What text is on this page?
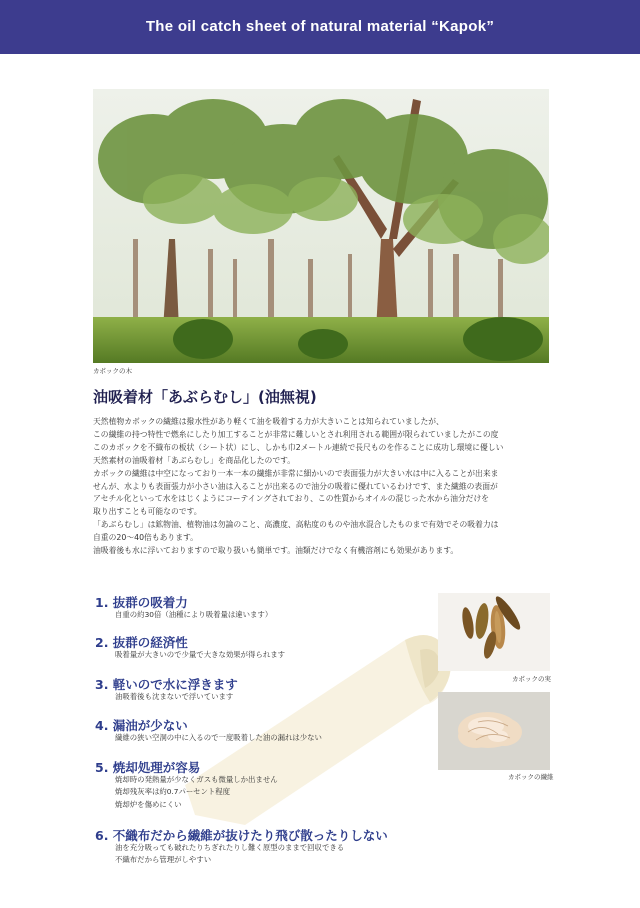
The oil catch sheet of natural material “Kapok”
カボックの木
油吸着材「あぶらむし」(油無視)

天然植物カボックの繊維は撥水性があり軽くて油を吸着する力が大きいことは知られていましたが、

この繊維の持つ特性で燃糸にしたり加工することが非常に難しいとされ利用される範囲が限られていましたがこの度

このカボックを不織布の板状（シート状）にし、しかも巾2メートル連続で長尺ものを作ることに成功し環境に優しい

天然素材の油吸着材「あぶらむし」を商品化したのです。

カボックの繊維は中空になっており一本一本の繊維が非常に細かいので表面張力が大きい水は中に入ることが出来ま

せんが、水よりも表面張力が小さい油は入ることが出来るので油分の吸着に優れているわけです、また繊維の表面が

アセチル化といって水をはじくようにコーテイングされており、この性質からオイルの混じった水から油分だけを

取り出すことも可能なのです。

「あぶらむし」は鉱物油、植物油は勿論のこと、高濃度、高粘度のものや油水混合したものまで有効でその吸着力は

自重の20～40倍もあります。

油吸着後も水に浮いておりますので取り扱いも簡単です。油類だけでなく有機溶剤にも効果があります。

1. 抜群の吸着力
自重の約30倍（油種により吸着量は違います）
2. 抜群の経済性
吸着量が大きいので少量で大きな効果が得られます
3. 軽いので水に浮きます
油吸着後も沈まないで浮いています
4. 漏油が少ない
繊維の狭い空洞の中に入るので一度吸着した油の漏れは少ない
5. 焼却処理が容易
焼却時の発熱量が少なくガスも微量しか出ません
焼却残灰率は約0.7パーセント程度
焼却炉を傷めにくい
6. 不織布だから繊維が抜けたり飛び散ったりしない
油を充分吸っても破れたりちぎれたりし難く原型のままで回収できる
不織布だから管理がしやすい
カボックの実
カボックの繊維
